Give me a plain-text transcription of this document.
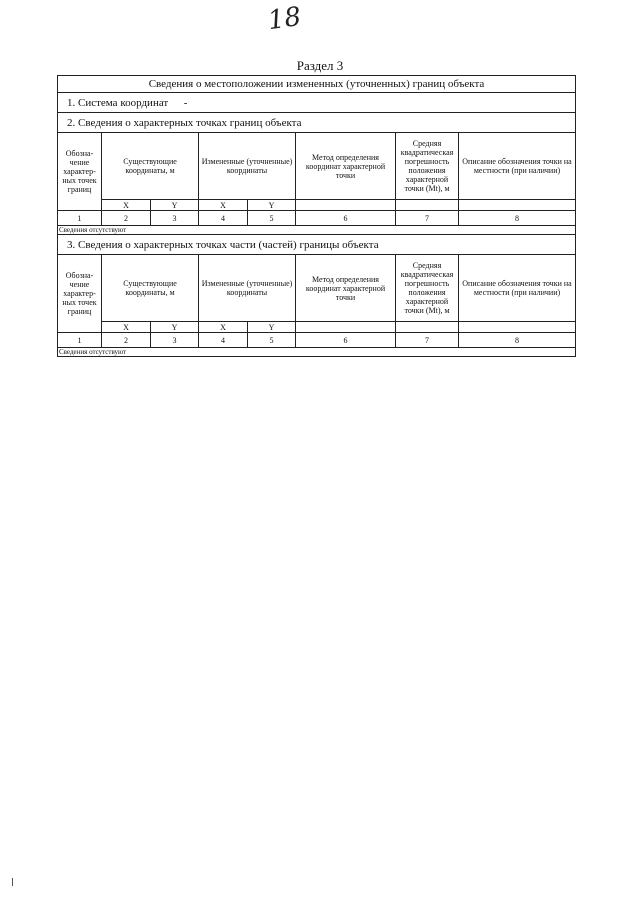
18
Раздел 3
Сведения о местоположении измененных (уточненных) границ объекта							
1. Система координат -							
2. Сведения о характерных точках границ объекта							
Обозна-чение характер-ных точек границ	Существующие координаты, м		Измененные (уточненные) координаты		Метод определения координат характерной точки	Средняя квадратическая погрешность положения характерной точки (Mt), м	Описание обозначения точки на местности (при наличии)
	X	Y	X	Y			
1	2	3	4	5	6	7	8
Сведения отсутствуют							
3. Сведения о характерных точках части (частей) границы объекта							
Обозна-чение характер-ных точек границ	Существующие координаты, м		Измененные (уточненные) координаты		Метод определения координат характерной точки	Средняя квадратическая погрешность положения характерной точки (Mt), м	Описание обозначения точки на местности (при наличии)
	X	Y	X	Y			
1	2	3	4	5	6	7	8
Сведения отсутствуют							
